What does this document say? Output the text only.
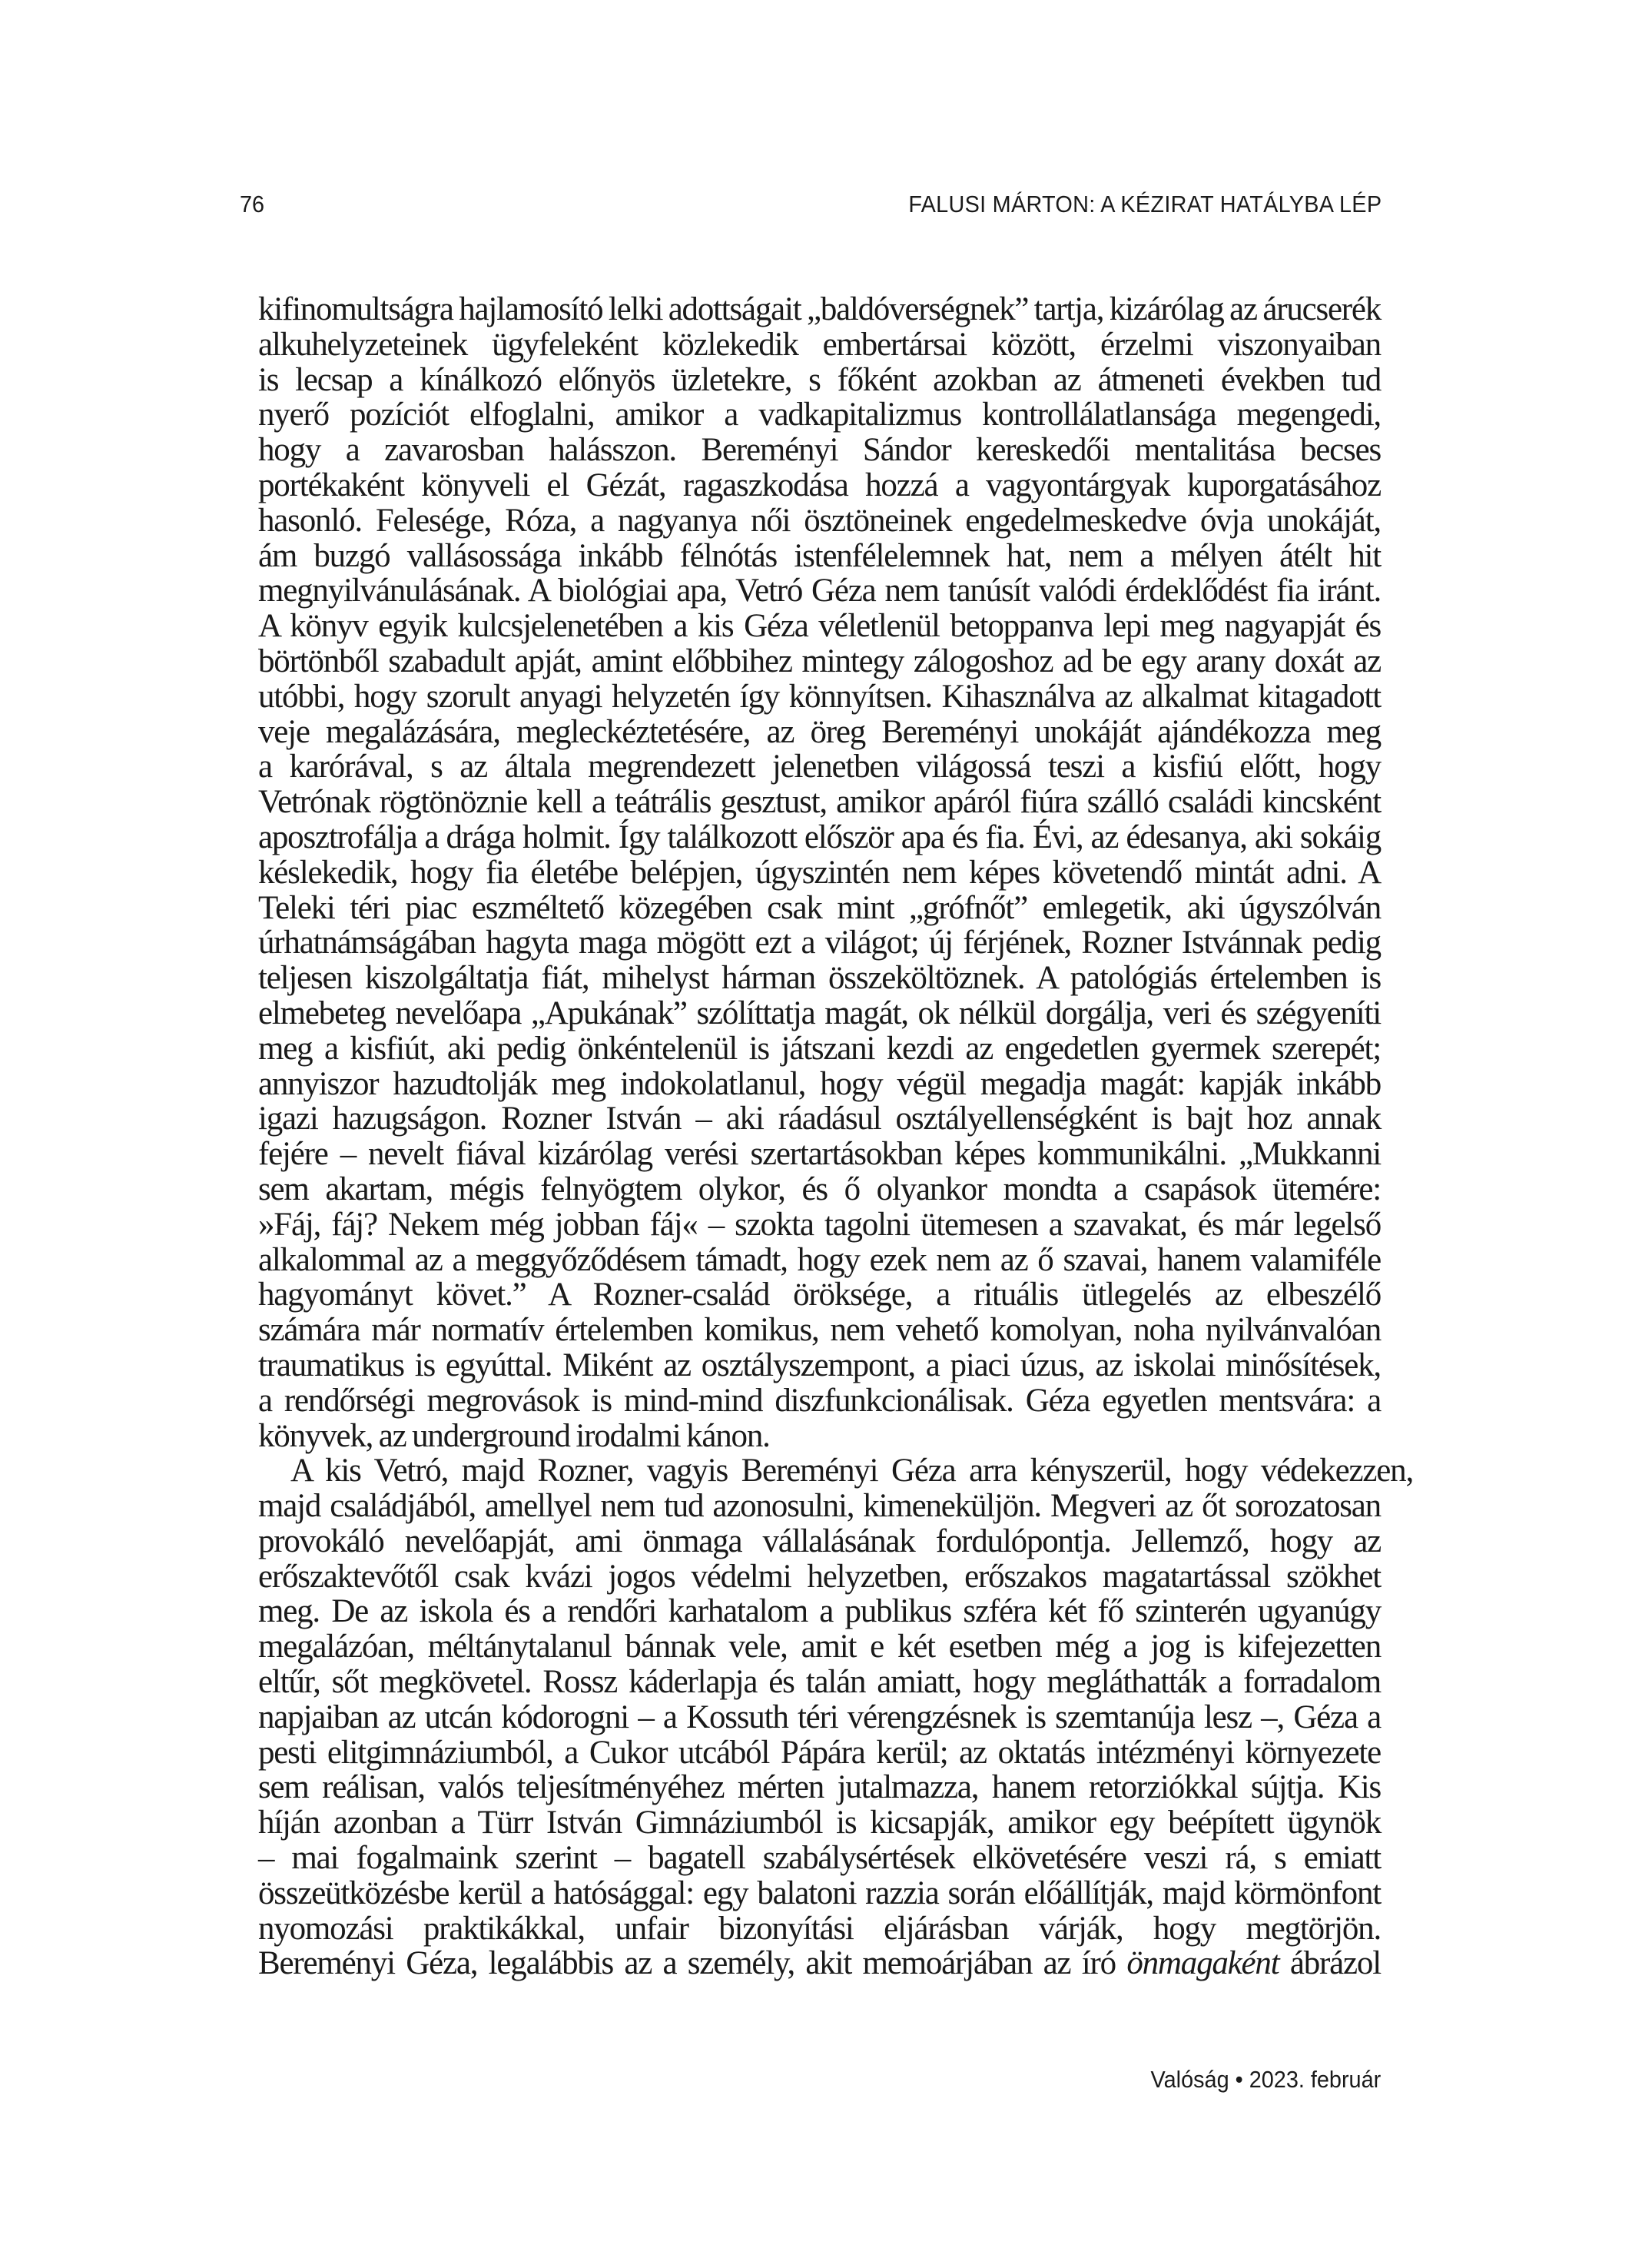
76	FALUSI MÁRTON: A KÉZIRAT HATÁLYBA LÉP
kifinomultságra hajlamosító lelki adottságait „baldóverségnek” tartja, kizárólag az árucserék
alkuhelyzeteinek ügyfeleként közlekedik embertársai között, érzelmi viszonyaiban
is lecsap a kínálkozó előnyös üzletekre, s főként azokban az átmeneti években tud
nyerő pozíciót elfoglalni, amikor a vadkapitalizmus kontrollálatlansága megengedi,
hogy a zavarosban halásszon. Bereményi Sándor kereskedői mentalitása becses
portékaként könyveli el Gézát, ragaszkodása hozzá a vagyontárgyak kuporgatásához
hasonló. Felesége, Róza, a nagyanya női ösztöneinek engedelmeskedve óvja unokáját,
ám buzgó vallásossága inkább félnótás istenfélelemnek hat, nem a mélyen átélt hit
megnyilvánulásának. A biológiai apa, Vetró Géza nem tanúsít valódi érdeklődést fia iránt.
A könyv egyik kulcsjelenetében a kis Géza véletlenül betoppanva lepi meg nagyapját és
börtönből szabadult apját, amint előbbihez mintegy zálogoshoz ad be egy arany doxát az
utóbbi, hogy szorult anyagi helyzetén így könnyítsen. Kihasználva az alkalmat kitagadott
veje megalázására, megleckéztetésére, az öreg Bereményi unokáját ajándékozza meg
a karórával, s az általa megrendezett jelenetben világossá teszi a kisfiú előtt, hogy
Vetrónak rögtönöznie kell a teátrális gesztust, amikor apáról fiúra szálló családi kincsként
aposztrofálja a drága holmit. Így találkozott először apa és fia. Évi, az édesanya, aki sokáig
késlekedik, hogy fia életébe belépjen, úgyszintén nem képes követendő mintát adni. A
Teleki téri piac eszméltető közegében csak mint „grófnőt” emlegetik, aki úgyszólván
úrhatnámságában hagyta maga mögött ezt a világot; új férjének, Rozner Istvánnak pedig
teljesen kiszolgáltatja fiát, mihelyst hárman összeköltöznek. A patológiás értelemben is
elmebeteg nevelőapa „Apukának” szólíttatja magát, ok nélkül dorgálja, veri és szégyeníti
meg a kisfiút, aki pedig önkéntelenül is játszani kezdi az engedetlen gyermek szerepét;
annyiszor hazudtolják meg indokolatlanul, hogy végül megadja magát: kapják inkább
igazi hazugságon. Rozner István – aki ráadásul osztályellenségként is bajt hoz annak
fejére – nevelt fiával kizárólag verési szertartásokban képes kommunikálni. „Mukkanni
sem akartam, mégis felnyögtem olykor, és ő olyankor mondta a csapások ütemére:
»Fáj, fáj? Nekem még jobban fáj« – szokta tagolni ütemesen a szavakat, és már legelső
alkalommal az a meggyőződésem támadt, hogy ezek nem az ő szavai, hanem valamiféle
hagyományt követ.” A Rozner-család öröksége, a rituális ütlegelés az elbeszélő
számára már normatív értelemben komikus, nem vehető komolyan, noha nyilvánvalóan
traumatikus is egyúttal. Miként az osztályszempont, a piaci úzus, az iskolai minősítések,
a rendőrségi megrovások is mind-mind diszfunkcionálisak. Géza egyetlen mentsvára: a
könyvek, az underground irodalmi kánon.
A kis Vetró, majd Rozner, vagyis Bereményi Géza arra kényszerül, hogy védekezzen,
majd családjából, amellyel nem tud azonosulni, kimeneküljön. Megveri az őt sorozatosan
provokáló nevelőapját, ami önmaga vállalásának fordulópontja. Jellemző, hogy az
erőszaktevőtől csak kvázi jogos védelmi helyzetben, erőszakos magatartással szökhet
meg. De az iskola és a rendőri karhatalom a publikus szféra két fő szinterén ugyanúgy
megalázóan, méltánytalanul bánnak vele, amit e két esetben még a jog is kifejezetten
eltűr, sőt megkövetel. Rossz káderlapja és talán amiatt, hogy megláthatták a forradalom
napjaiban az utcán kódorogni – a Kossuth téri vérengzésnek is szemtanúja lesz –, Géza a
pesti elitgimnáziumból, a Cukor utcából Pápára kerül; az oktatás intézményi környezete
sem reálisan, valós teljesítményéhez mérten jutalmazza, hanem retorziókkal sújtja. Kis
híján azonban a Türr István Gimnáziumból is kicsapják, amikor egy beépített ügynök
– mai fogalmaink szerint – bagatell szabálysértések elkövetésére veszi rá, s emiatt
összeütközésbe kerül a hatósággal: egy balatoni razzia során előállítják, majd körmönfont
nyomozási praktikákkal, unfair bizonyítási eljárásban várják, hogy megtörjön.
Bereményi Géza, legalábbis az a személy, akit memoárjában az író önmagaként ábrázol
Valóság • 2023. február
